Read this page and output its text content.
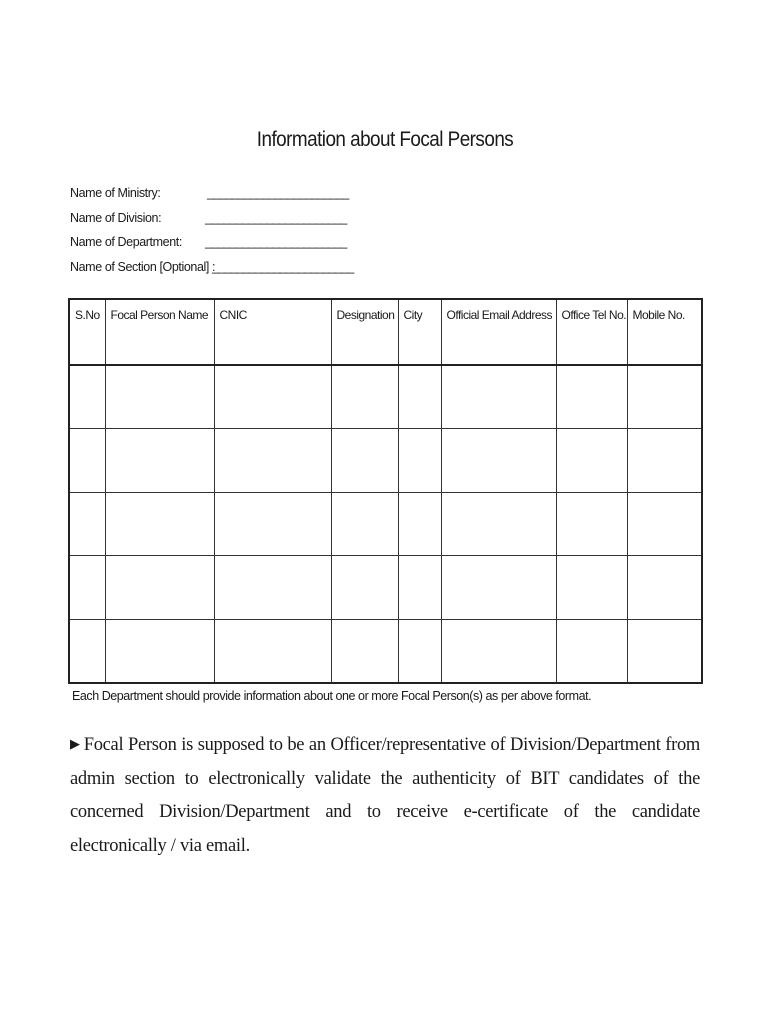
Information about Focal Persons
Name of Ministry:	_______________________
Name of Division:	_______________________
Name of Department: _______________________
Name of Section [Optional] :
_______________________
S.No	Focal Person Name	CNIC	Designation	City	Official Email Address	Office Tel No.	Mobile No.

Each Department should provide information about one or more Focal Person(s) as per above format.
▶ Focal Person is supposed to be an Officer/representative of Division/Department from admin section to electronically validate the authenticity of BIT candidates of the concerned Division/Department and to receive e-certificate of the candidate electronically / via email.
